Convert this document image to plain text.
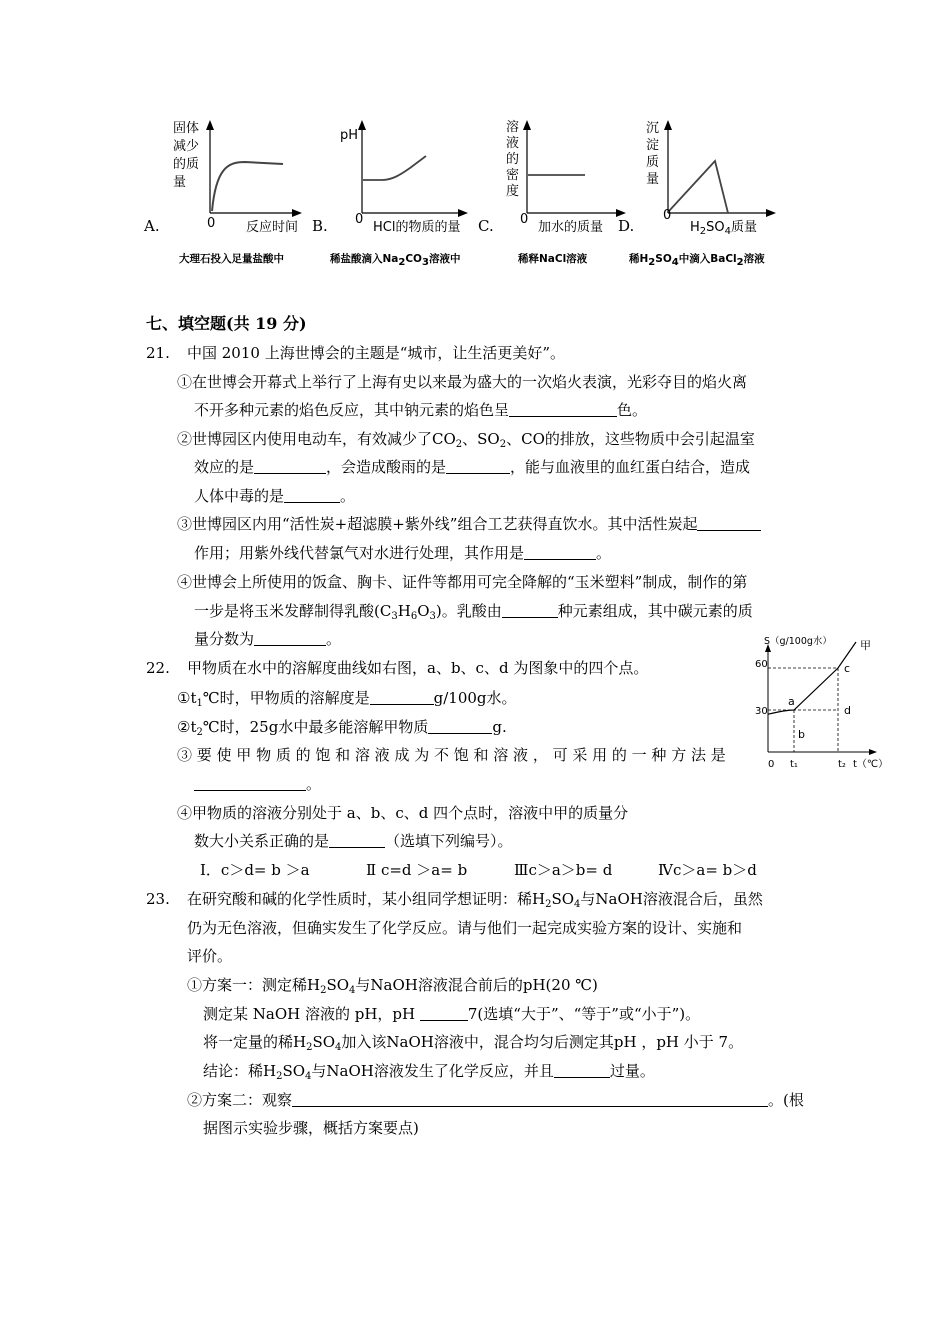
固体减少的质量
0 反应时间
A.
大理石投入足量盐酸中
pH
0
HCl的物质的量
B.
稀盐酸滴入$Na_2CO_3$溶液中
溶液的密度
0
加水的质量
C.
稀释NaCl溶液
沉淀质量
0
$H_2SO_4$质量
D.
稀$H_2SO_4$中滴入BaCl$_2$溶液
七、填空题(共 19 分)
21. 中国 2010 上海世博会的主题是“城市，让生活更美好”。
①在世博会开幕式上举行了上海有史以来最为盛大的一次焰火表演，光彩夺目的焰火离
不开多种元素的焰色反应，其中钠元素的焰色呈	色。
②世博园区内使用电动车，有效减少了$CO_2$、$SO_2$、CO的排放，这些物质中会引起温室
效应的是	，会造成酸雨的是	，能与血液里的血红蛋白结合，造成
人体中毒的是	。
③世博园区内用“活性炭+超滤膜+紫外线”组合工艺获得直饮水。其中活性炭起
作用；用紫外线代替氯气对水进行处理，其作用是	。
④世博会上所使用的饭盒、胸卡、证件等都用可完全降解的“玉米塑料”制成，制作的第
一步是将玉米发酵制得乳酸$(C_3H_6O_3)$。乳酸由	种元素组成，其中碳元素的质
量分数为	。	S（g/100g水）	甲
60
30
0 t₁	t₂ t（℃）
a
b
c
d
22. 甲物质在水中的溶解度曲线如右图，a、b、c、d 为图象中的四个点。
$①t_1℃$时，甲物质的溶解度是	g/100g水。
$②t_2℃$时，25g水中最多能溶解甲物质	g.
③ 要 使 甲 物 质 的 饱 和 溶 液 成 为 不 饱 和 溶 液 ， 可 采 用 的 一 种 方 法 是
。
④甲物质的溶液分别处于 a、b、c、d 四个点时，溶液中甲的质量分
数大小关系正确的是	（选填下列编号）。
Ⅰ．c＞d= b ＞a	Ⅱ c=d ＞a= b	Ⅲc＞a＞b= d	Ⅳc＞a= b＞d
23. 在研究酸和碱的化学性质时，某小组同学想证明：稀$H_2SO_4$与NaOH溶液混合后，虽然
仍为无色溶液，但确实发生了化学反应。请与他们一起完成实验方案的设计、实施和
评价。
①方案一：测定稀$H_2SO_4$与NaOH溶液混合前后的pH(20 ℃)
测定某 NaOH 溶液的 pH，pH	7(选填“大于”、“等于”或“小于”)。
将一定量的稀$H_2SO_4$加入该NaOH溶液中，混合均匀后测定其pH ，pH 小于 7。
结论：稀$H_2SO_4$与NaOH溶液发生了化学反应，并且	过量。
②方案二：观察	。(根
据图示实验步骤，概括方案要点)
